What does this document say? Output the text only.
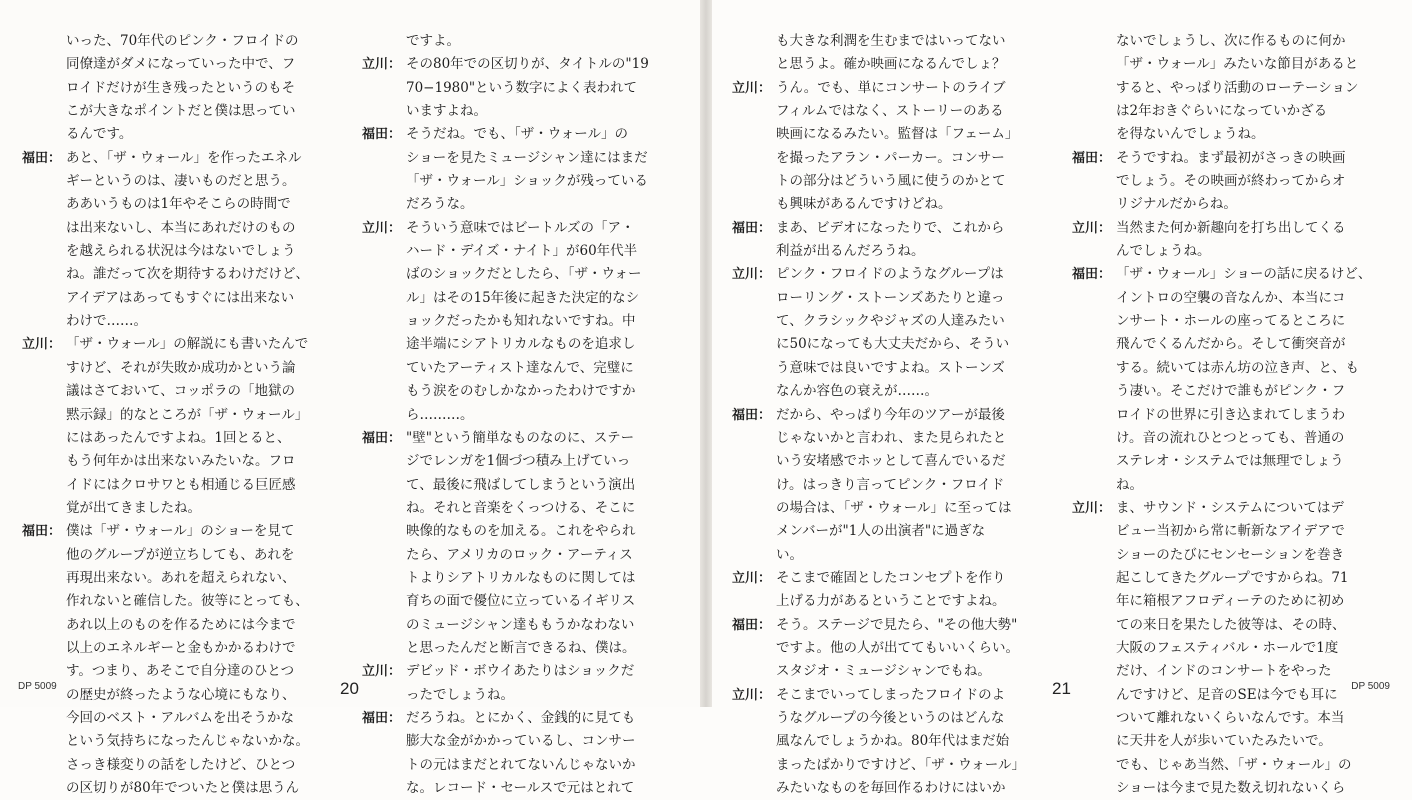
いった、70年代のピンク・フロイドの
同僚達がダメになっていった中で、フ
ロイドだけが生き残ったというのもそ
こが大きなポイントだと僕は思ってい
るんです。
福田： あと、「ザ・ウォール」を作ったエネル
ギーというのは、凄いものだと思う。
ああいうものは1年やそこらの時間で
は出来ないし、本当にあれだけのもの
を越えられる状況は今はないでしょう
ね。誰だって次を期待するわけだけど、
アイデアはあってもすぐには出来ない
わけで……。
立川： 「ザ・ウォール」の解説にも書いたんで
すけど、それが失敗か成功かという論
議はさておいて、コッポラの「地獄の
黙示録」的なところが「ザ・ウォール」
にはあったんですよね。1回とると、
もう何年かは出来ないみたいな。フロ
イドにはクロサワとも相通じる巨匠感
覚が出てきましたね。
福田： 僕は「ザ・ウォール」のショーを見て
他のグループが逆立ちしても、あれを
再現出来ない。あれを超えられない、
作れないと確信した。彼等にとっても、
あれ以上のものを作るためには今まで
以上のエネルギーと金もかかるわけで
す。つまり、あそこで自分達のひとつ
の歴史が終ったような心境にもなり、
今回のベスト・アルバムを出そうかな
という気持ちになったんじゃないかな。
さっき様変りの話をしたけど、ひとつ
の区切りが80年でついたと僕は思うん
ですよ。
立川： その80年での区切りが、タイトルの"19
70−1980"という数字によく表われて
いますよね。
福田： そうだね。でも、「ザ・ウォール」の
ショーを見たミュージシャン達にはまだ
「ザ・ウォール」ショックが残っている
だろうな。
立川： そういう意味ではビートルズの「ア・
ハード・デイズ・ナイト」が60年代半
ばのショックだとしたら、「ザ・ウォー
ル」はその15年後に起きた決定的なシ
ョックだったかも知れないですね。中
途半端にシアトリカルなものを追求し
ていたアーティスト達なんで、完璧に
もう涙をのむしかなかったわけですか
ら………。
福田： "壁"という簡単なものなのに、ステー
ジでレンガを1個づつ積み上げていっ
て、最後に飛ばしてしまうという演出
ね。それと音楽をくっつける、そこに
映像的なものを加える。これをやられ
たら、アメリカのロック・アーティス
トよりシアトリカルなものに関しては
育ちの面で優位に立っているイギリス
のミュージシャン達ももうかなわない
と思ったんだと断言できるね、僕は。
立川： デビッド・ボウイあたりはショックだ
ったでしょうね。
福田： だろうね。とにかく、金銭的に見ても
膨大な金がかかっているし、コンサー
トの元はまだとれてないんじゃないか
な。レコード・セールスで元はとれて
DP 5009	20
も大きな利潤を生むまではいってない
と思うよ。確か映画になるんでしょ？
立川： うん。でも、単にコンサートのライブ
フィルムではなく、ストーリーのある
映画になるみたい。監督は「フェーム」
を撮ったアラン・パーカー。コンサー
トの部分はどういう風に使うのかとて
も興味があるんですけどね。
福田： まあ、ビデオになったりで、これから
利益が出るんだろうね。
立川： ピンク・フロイドのようなグループは
ローリング・ストーンズあたりと違っ
て、クラシックやジャズの人達みたい
に50になっても大丈夫だから、そうい
う意味では良いですよね。ストーンズ
なんか容色の衰えが……。
福田： だから、やっぱり今年のツアーが最後
じゃないかと言われ、また見られたと
いう安堵感でホッとして喜んでいるだ
け。はっきり言ってピンク・フロイド
の場合は、「ザ・ウォール」に至っては
メンバーが"1人の出演者"に過ぎな
い。
立川： そこまで確固としたコンセプトを作り
上げる力があるということですよね。
福田： そう。ステージで見たら、"その他大勢"
ですよ。他の人が出ててもいいくらい。
スタジオ・ミュージシャンでもね。
立川： そこまでいってしまったフロイドのよ
うなグループの今後というのはどんな
風なんでしょうかね。80年代はまだ始
まったばかりですけど、「ザ・ウォール」
みたいなものを毎回作るわけにはいか
ないでしょうし、次に作るものに何か
「ザ・ウォール」みたいな節目があると
すると、やっぱり活動のローテーション
は2年おきぐらいになっていかざる
を得ないんでしょうね。
福田： そうですね。まず最初がさっきの映画
でしょう。その映画が終わってからオ
リジナルだからね。
立川： 当然また何か新趣向を打ち出してくる
んでしょうね。
福田： 「ザ・ウォール」ショーの話に戻るけど、
イントロの空襲の音なんか、本当にコ
ンサート・ホールの座ってるところに
飛んでくるんだから。そして衝突音が
する。続いては赤ん坊の泣き声、と、も
う凄い。そこだけで誰もがピンク・フ
ロイドの世界に引き込まれてしまうわ
け。音の流れひとつとっても、普通の
ステレオ・システムでは無理でしょう
ね。
立川： ま、サウンド・システムについてはデ
ビュー当初から常に斬新なアイデアで
ショーのたびにセンセーションを巻き
起こしてきたグループですからね。71
年に箱根アフロディーテのために初め
ての来日を果たした彼等は、その時、
大阪のフェスティバル・ホールで1度
だけ、インドのコンサートをやった
んですけど、足音のSEは今でも耳に
ついて離れないくらいなんです。本当
に天井を人が歩いていたみたいで。
でも、じゃあ当然、「ザ・ウォール」の
ショーは今まで見た数え切れないくら
DP 5009
21
